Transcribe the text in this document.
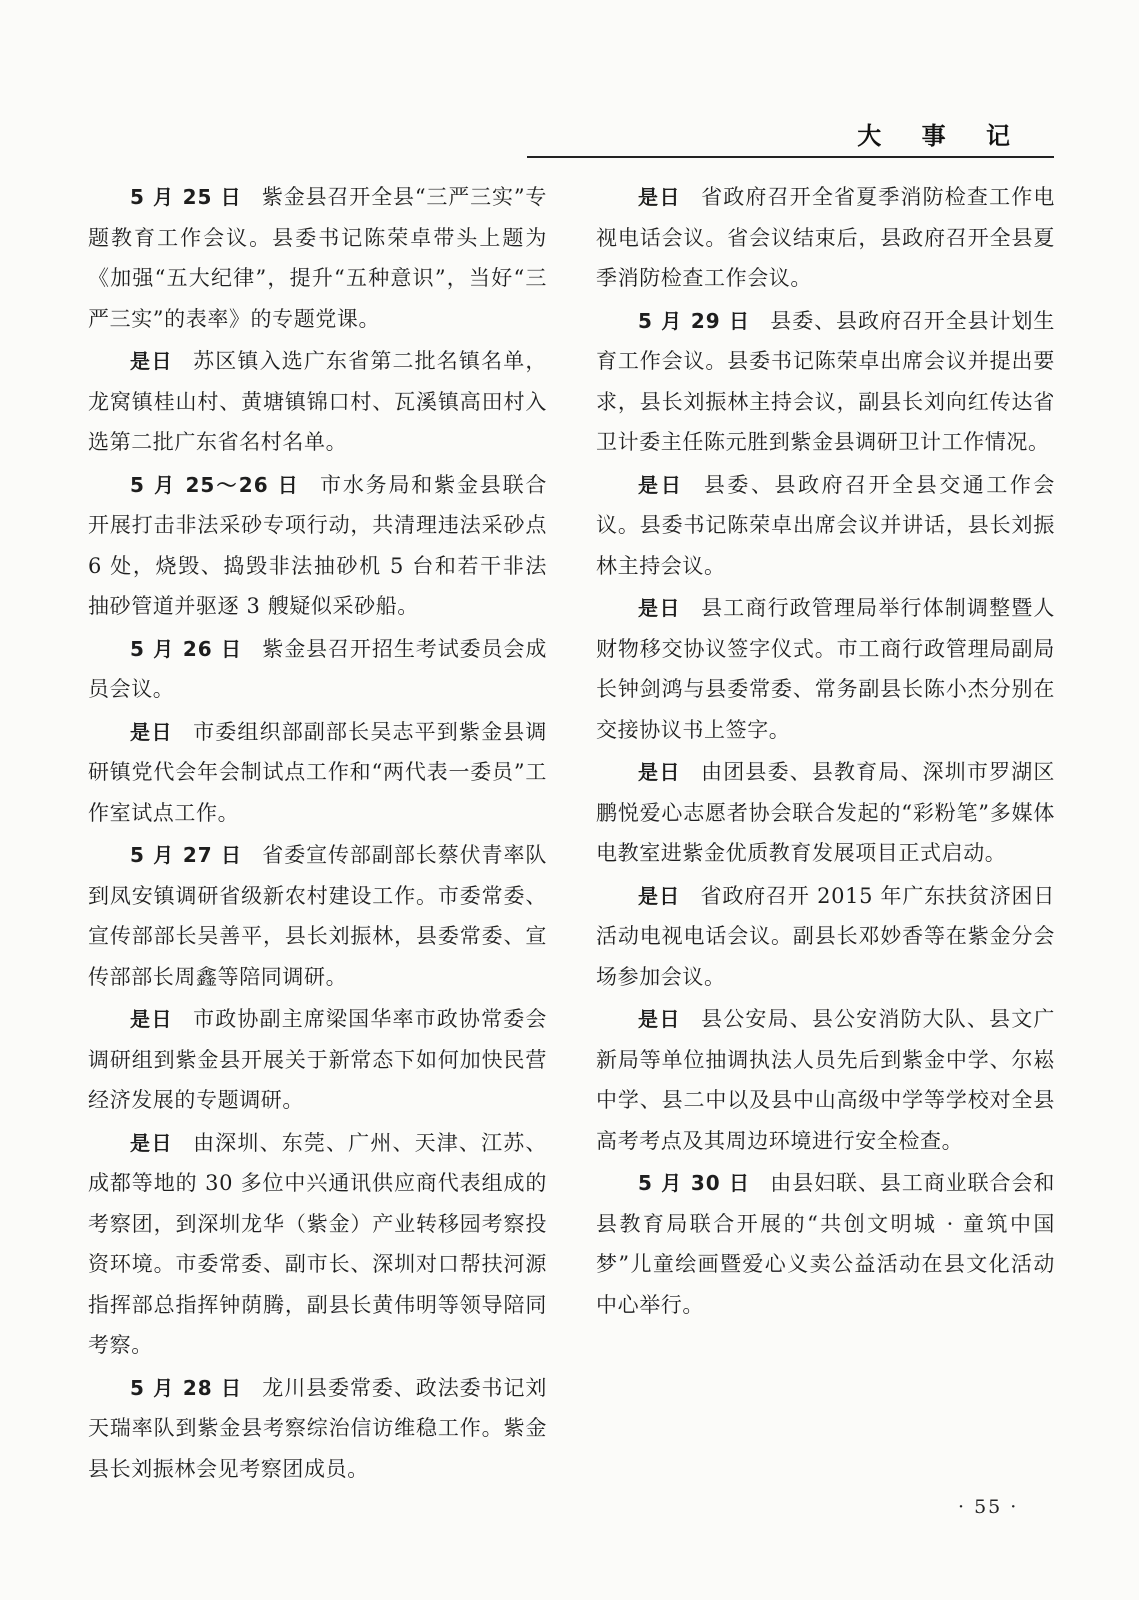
大 事 记

5 月 25 日 紫金县召开全县“三严三实”专题教育工作会议。县委书记陈荣卓带头上题为《加强“五大纪律”，提升“五种意识”，当好“三严三实”的表率》的专题党课。

是日 苏区镇入选广东省第二批名镇名单，龙窝镇桂山村、黄塘镇锦口村、瓦溪镇高田村入选第二批广东省名村名单。

5 月 25～26 日 市水务局和紫金县联合开展打击非法采砂专项行动，共清理违法采砂点 6 处，烧毁、捣毁非法抽砂机 5 台和若干非法抽砂管道并驱逐 3 艘疑似采砂船。

5 月 26 日 紫金县召开招生考试委员会成员会议。

是日 市委组织部副部长吴志平到紫金县调研镇党代会年会制试点工作和“两代表一委员”工作室试点工作。

5 月 27 日 省委宣传部副部长蔡伏青率队到凤安镇调研省级新农村建设工作。市委常委、宣传部部长吴善平，县长刘振林，县委常委、宣传部部长周鑫等陪同调研。

是日 市政协副主席梁国华率市政协常委会调研组到紫金县开展关于新常态下如何加快民营经济发展的专题调研。

是日 由深圳、东莞、广州、天津、江苏、成都等地的 30 多位中兴通讯供应商代表组成的考察团，到深圳龙华（紫金）产业转移园考察投资环境。市委常委、副市长、深圳对口帮扶河源指挥部总指挥钟荫腾，副县长黄伟明等领导陪同考察。

5 月 28 日 龙川县委常委、政法委书记刘天瑞率队到紫金县考察综治信访维稳工作。紫金县长刘振林会见考察团成员。

是日 省政府召开全省夏季消防检查工作电视电话会议。省会议结束后，县政府召开全县夏季消防检查工作会议。

5 月 29 日 县委、县政府召开全县计划生育工作会议。县委书记陈荣卓出席会议并提出要求，县长刘振林主持会议，副县长刘向红传达省卫计委主任陈元胜到紫金县调研卫计工作情况。

是日 县委、县政府召开全县交通工作会议。县委书记陈荣卓出席会议并讲话，县长刘振林主持会议。

是日 县工商行政管理局举行体制调整暨人财物移交协议签字仪式。市工商行政管理局副局长钟剑鸿与县委常委、常务副县长陈小杰分别在交接协议书上签字。

是日 由团县委、县教育局、深圳市罗湖区鹏悦爱心志愿者协会联合发起的“彩粉笔”多媒体电教室进紫金优质教育发展项目正式启动。

是日 省政府召开 2015 年广东扶贫济困日活动电视电话会议。副县长邓妙香等在紫金分会场参加会议。

是日 县公安局、县公安消防大队、县文广新局等单位抽调执法人员先后到紫金中学、尔崧中学、县二中以及县中山高级中学等学校对全县高考考点及其周边环境进行安全检查。

5 月 30 日 由县妇联、县工商业联合会和县教育局联合开展的“共创文明城 · 童筑中国梦”儿童绘画暨爱心义卖公益活动在县文化活动中心举行。

· 55 ·
